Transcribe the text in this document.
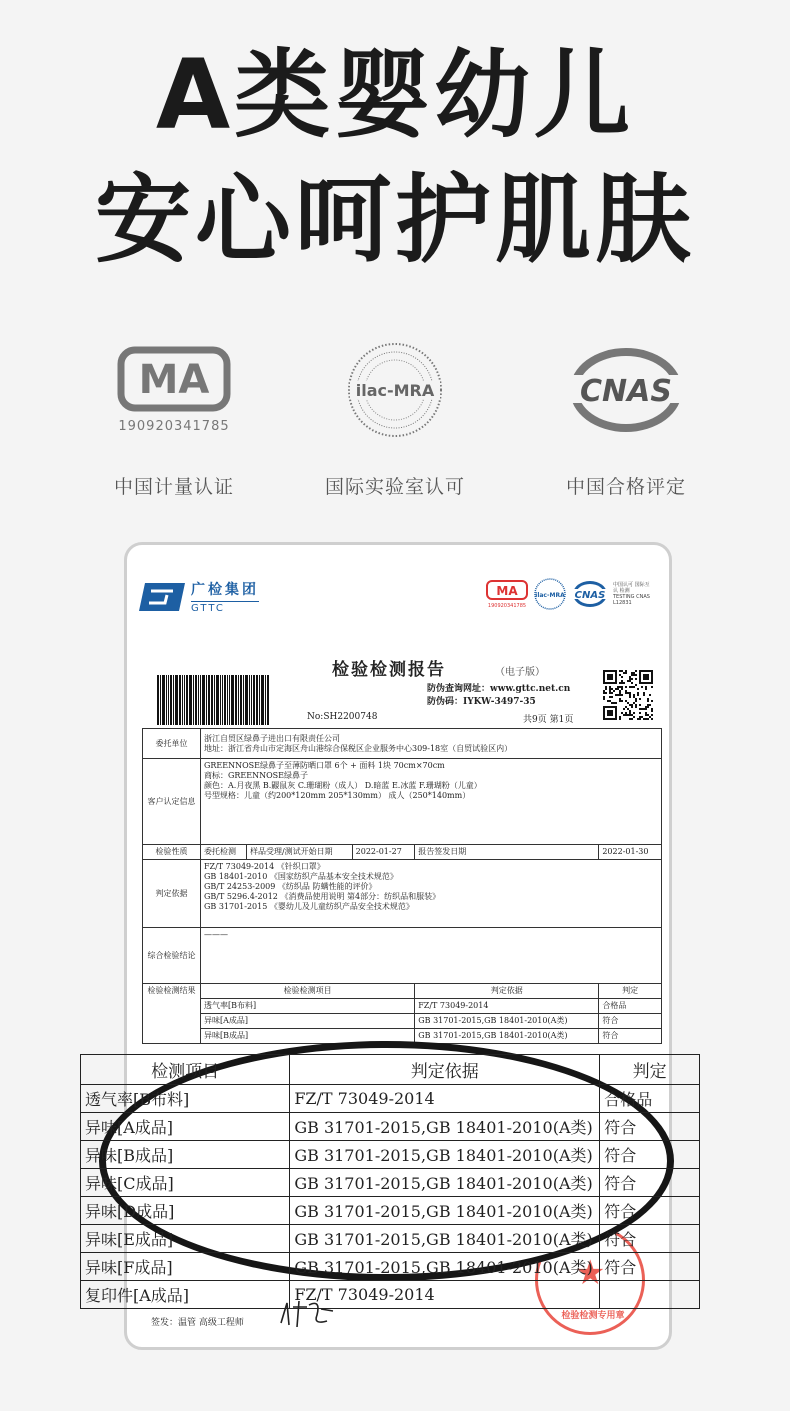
A类婴幼儿
安心呵护肌肤
MA
190920341785
中国计量认证
ilac-MRA
国际实验室认可
CNAS
中国合格评定
广检集团
GTTC
MA
190920341785
ilac-MRA CNAS
中国认可 国际互认 检测 TESTING CNAS L12831
检验检测报告	（电子版）
No:SH2200748
防伪查询网址：www.gttc.net.cn
防伪码：IYKW-3497-35
共9页 第1页
委托单位	浙江自贸区绿鼻子进出口有限责任公司
地址：浙江省舟山市定海区舟山港综合保税区企业服务中心309-18室（自贸试验区内）				
客户认定信息	GREENNOSE绿鼻子至薄防晒口罩 6个 + 面料 1块 70cm×70cm
商标：GREENNOSE绿鼻子
颜色：A.月夜黑 B.鼹鼠灰 C.珊瑚粉（成人） D.暗蓝 E.冰蓝 F.珊瑚粉（儿童）
号型规格：儿童（约200*120mm 205*130mm） 成人（250*140mm）				
检验性质	委托检测	样品受理/测试开始日期	2022-01-27	报告签发日期	2022-01-30
判定依据	FZ/T 73049-2014 《针织口罩》
GB 18401-2010 《国家纺织产品基本安全技术规范》
GB/T 24253-2009 《纺织品 防螨性能的评价》
GB/T 5296.4-2012 《消费品使用说明 第4部分：纺织品和服装》
GB 31701-2015 《婴幼儿及儿童纺织产品安全技术规范》				
综合检验结论	———				
检验检测结果	检验检测项目			判定依据	判定
	透气率[B布料]			FZ/T 73049-2014	合格品
	异味[A成品]			GB 31701-2015,GB 18401-2010(A类)	符合
	异味[B成品]			GB 31701-2015,GB 18401-2010(A类)	符合
★
检验检测专用章
检测项目	判定依据	判定
透气率[B布料]	FZ/T 73049-2014	合格品
异味[A成品]	GB 31701-2015,GB 18401-2010(A类)	符合
异味[B成品]	GB 31701-2015,GB 18401-2010(A类)	符合
异味[C成品]	GB 31701-2015,GB 18401-2010(A类)	符合
异味[D成品]	GB 31701-2015,GB 18401-2010(A类)	符合
异味[E成品]	GB 31701-2015,GB 18401-2010(A类)	符合
异味[F成品]	GB 31701-2015,GB 18401-2010(A类)	符合
复印件[A成品]	FZ/T 73049-2014	
签发：温管 高级工程师
